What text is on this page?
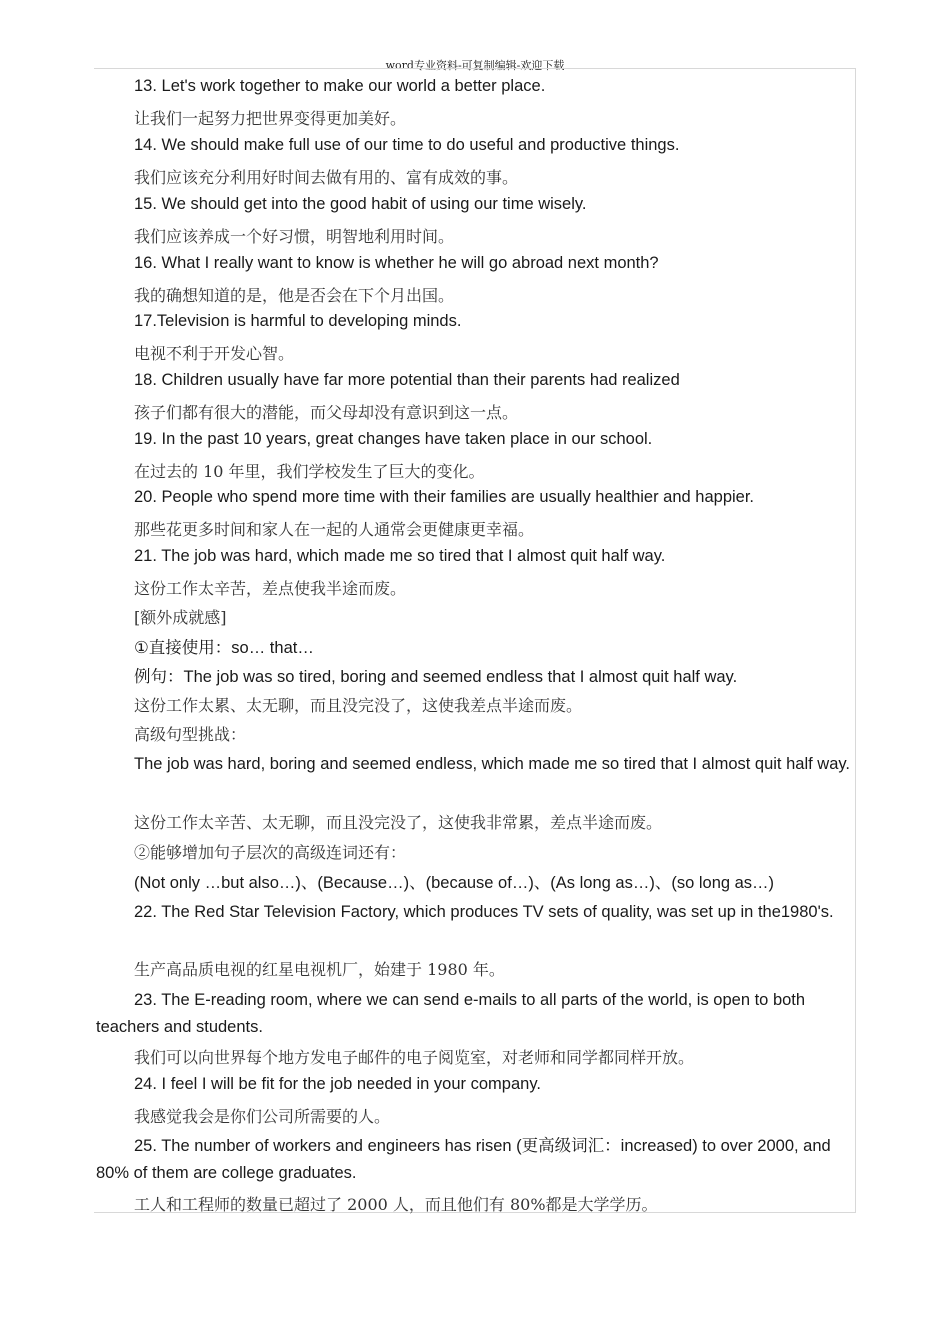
word专业资料-可复制编辑-欢迎下载
13. Let's work together to make our world a better place.
让我们一起努力把世界变得更加美好。
14. We should make full use of our time to do useful and productive things.
我们应该充分利用好时间去做有用的、富有成效的事。
15. We should get into the good habit of using our time wisely.
我们应该养成一个好习惯，明智地利用时间。
16. What I really want to know is whether he will go abroad next month?
我的确想知道的是，他是否会在下个月出国。
17.Television is harmful to developing minds.
电视不利于开发心智。
18. Children usually have far more potential than their parents had realized
孩子们都有很大的潜能，而父母却没有意识到这一点。
19. In the past 10 years, great changes have taken place in our school.
在过去的 10 年里，我们学校发生了巨大的变化。
20. People who spend more time with their families are usually healthier and happier.
那些花更多时间和家人在一起的人通常会更健康更幸福。
21. The job was hard, which made me so tired that I almost quit half way.
这份工作太辛苦，差点使我半途而废。
[额外成就感]
①直接使用：so… that…
例句：The job was so tired, boring and seemed endless that I almost quit half way.
这份工作太累、太无聊，而且没完没了，这使我差点半途而废。
高级句型挑战：
The job was hard, boring and seemed endless, which made me so tired that I almost quit half way.
这份工作太辛苦、太无聊，而且没完没了，这使我非常累，差点半途而废。
②能够增加句子层次的高级连词还有：
(Not only …but also…)、(Because…)、(because of…)、(As long as…)、(so long as…)
22. The Red Star Television Factory, which produces TV sets of quality, was set up in the1980's.
生产高品质电视的红星电视机厂，始建于 1980 年。
23. The E-reading room, where we can send e-mails to all parts of the world, is open to both teachers and students.
我们可以向世界每个地方发电子邮件的电子阅览室，对老师和同学都同样开放。
24. I feel I will be fit for the job needed in your company.
我感觉我会是你们公司所需要的人。
25. The number of workers and engineers has risen (更高级词汇：increased) to over 2000, and 80% of them are college graduates.
工人和工程师的数量已超过了 2000 人，而且他们有 80%都是大学学历。
